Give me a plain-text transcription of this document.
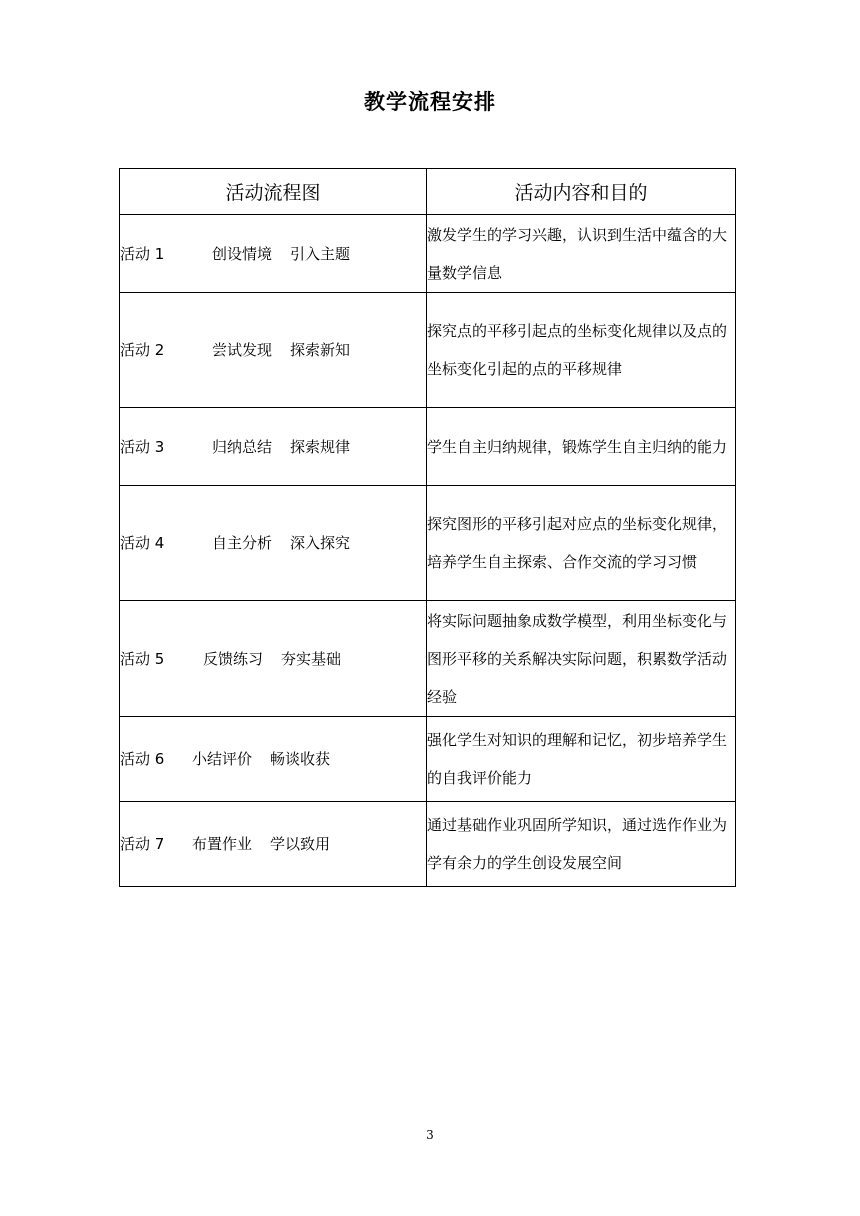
教学流程安排
活动流程图	活动内容和目的
活动 1 创设情境 引入主题	激发学生的学习兴趣，认识到生活中蕴含的大量数学信息
活动 2 尝试发现 探索新知	探究点的平移引起点的坐标变化规律以及点的坐标变化引起的点的平移规律
活动 3 归纳总结 探索规律	学生自主归纳规律，锻炼学生自主归纳的能力
活动 4 自主分析 深入探究	探究图形的平移引起对应点的坐标变化规律，培养学生自主探索、合作交流的学习习惯
活动 5 反馈练习 夯实基础	将实际问题抽象成数学模型，利用坐标变化与图形平移的关系解决实际问题，积累数学活动经验
活动 6 小结评价 畅谈收获	强化学生对知识的理解和记忆，初步培养学生的自我评价能力
活动 7 布置作业 学以致用	通过基础作业巩固所学知识，通过选作作业为学有余力的学生创设发展空间
3
